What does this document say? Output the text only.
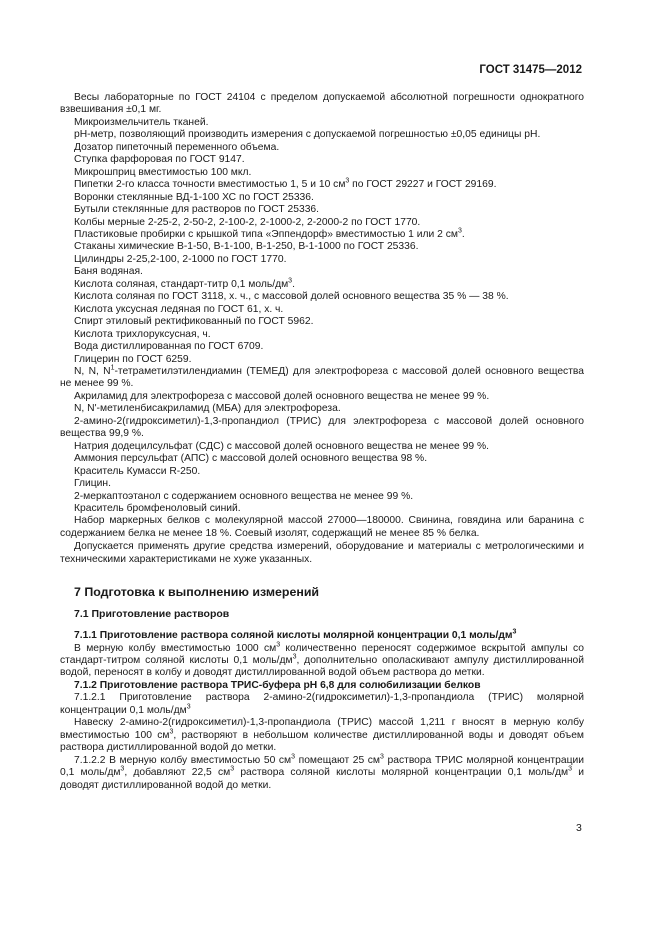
ГОСТ 31475—2012

Весы лабораторные по ГОСТ 24104 с пределом допускаемой абсолютной погрешности однократного взвешивания ±0,1 мг.

Микроизмельчитель тканей.

pH-метр, позволяющий производить измерения с допускаемой погрешностью ±0,05 единицы pH.

Дозатор пипеточный переменного объема.

Ступка фарфоровая по ГОСТ 9147.

Микрошприц вместимостью 100 мкл.

Пипетки 2-го класса точности вместимостью 1, 5 и 10 $см^3$ по ГОСТ 29227 и ГОСТ 29169.

Воронки стеклянные ВД-1-100 ХС по ГОСТ 25336.

Бутыли стеклянные для растворов по ГОСТ 25336.

Колбы мерные 2-25-2, 2-50-2, 2-100-2, 2-1000-2, 2-2000-2 по ГОСТ 1770.

Пластиковые пробирки с крышкой типа «Эппендорф» вместимостью 1 или 2 $см^3$.

Стаканы химические В-1-50, В-1-100, В-1-250, В-1-1000 по ГОСТ 25336.

Цилиндры 2-25,2-100, 2-1000 по ГОСТ 1770.

Баня водяная.

Кислота соляная, стандарт-титр 0,1 моль/$дм^3$.

Кислота соляная по ГОСТ 3118, х. ч., с массовой долей основного вещества 35 % — 38 %.

Кислота уксусная ледяная по ГОСТ 61, х. ч.

Спирт этиловый ректификованный по ГОСТ 5962.

Кислота трихлоруксусная, ч.

Вода дистиллированная по ГОСТ 6709.

Глицерин по ГОСТ 6259.

N, N, $N^1$-тетраметилэтилендиамин (ТЕМЕД) для электрофореза с массовой долей основного вещества не менее 99 %.

Акриламид для электрофореза с массовой долей основного вещества не менее 99 %.

N, N'-метиленбисакриламид (МБА) для электрофореза.

2-амино-2(гидроксиметил)-1,3-пропандиол (ТРИС) для электрофореза с массовой долей основного вещества 99,9 %.

Натрия додецилсульфат (СДС) с массовой долей основного вещества не менее 99 %.

Аммония персульфат (АПС) с массовой долей основного вещества 98 %.

Краситель Кумасси R-250.

Глицин.

2-меркаптоэтанол с содержанием основного вещества не менее 99 %.

Краситель бромфеноловый синий.

Набор маркерных белков с молекулярной массой 27000—180000. Свинина, говядина или баранина с содержанием белка не менее 18 %. Соевый изолят, содержащий не менее 85 % белка.

Допускается применять другие средства измерений, оборудование и материалы с метрологическими и техническими характеристиками не хуже указанных.

7 Подготовка к выполнению измерений
7.1 Приготовление растворов

7.1.1 Приготовление раствора соляной кислоты молярной концентрации 0,1 моль/$дм^3$

В мерную колбу вместимостью 1000 $см^3$ количественно переносят содержимое вскрытой ампулы со стандарт-титром соляной кислоты 0,1 моль/$дм^3$, дополнительно ополаскивают ампулу дистиллированной водой, переносят в колбу и доводят дистиллированной водой объем раствора до метки.

7.1.2 Приготовление раствора ТРИС-буфера рН 6,8 для солюбилизации белков

7.1.2.1 Приготовление раствора 2-амино-2(гидроксиметил)-1,3-пропандиола (ТРИС) молярной концентрации 0,1 моль/$дм^3$

Навеску 2-амино-2(гидроксиметил)-1,3-пропандиола (ТРИС) массой 1,211 г вносят в мерную колбу вместимостью 100 $см^3$, растворяют в небольшом количестве дистиллированной воды и доводят объем раствора дистиллированной водой до метки.

7.1.2.2 В мерную колбу вместимостью 50 $см^3$ помещают 25 $см^3$ раствора ТРИС молярной концентрации 0,1 моль/$дм^3$, добавляют 22,5 $см^3$ раствора соляной кислоты молярной концентрации 0,1 моль/$дм^3$ и доводят дистиллированной водой до метки.

3
